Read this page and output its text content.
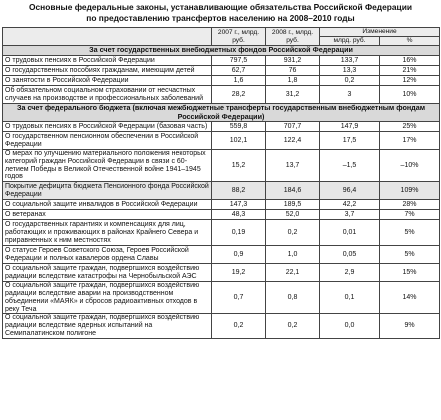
Основные федеральные законы, устанавливающие обязательства Российской Федерации
по предоставлению трансфертов населению на 2008–2010 годы
	2007 г., млрд. руб.	2008 г., млрд. руб.	Изменение	
			млрд. руб.	%
За счет государственных внебюджетных фондов Российской Федерации				
О трудовых пенсиях в Российской Федерации	797,5	931,2	133,7	16%
О государственных пособиях гражданам, имеющим детей	62,7	76	13,3	21%
О занятости в Российской Федерации	1,6	1,8	0,2	12%
Об обязательном социальном страховании от несчастных случаев на производстве и профессиональных заболеваний	28,2	31,2	3	10%
За счет федерального бюджета (включая межбюджетные трансферты государственным внебюджетным фондам Российской Федерации)				
О трудовых пенсиях в Российской Федерации (базовая часть)	559,8	707,7	147,9	25%
О государственном пенсионном обеспечении в Российской Федерации	102,1	122,4	17,5	17%
О мерах по улучшению материального положения некоторых категорий граждан Российской Федерации в связи с 60-летием Победы в Великой Отечественной войне 1941–1945 годов	15,2	13,7	–1,5	–10%
Покрытие дефицита бюджета Пенсионного фонда Российской Федерации	88,2	184,6	96,4	109%
О социальной защите инвалидов в Российской Федерации	147,3	189,5	42,2	28%
О ветеранах	48,3	52,0	3,7	7%
О государственных гарантиях и компенсациях для лиц, работающих и проживающих в районах Крайнего Севера и приравненных к ним местностях	0,19	0,2	0,01	5%
О статусе Героев Советского Союза, Героев Российской Федерации и полных кавалеров ордена Славы	0,9	1,0	0,05	5%
О социальной защите граждан, подвергшихся воздействию радиации вследствие катастрофы на Чернобыльской АЭС	19,2	22,1	2,9	15%
О социальной защите граждан, подвергшихся воздействию радиации вследствие аварии на производственном объединении «МАЯК» и сбросов радиоактивных отходов в реку Теча	0,7	0,8	0,1	14%
О социальной защите граждан, подвергшихся воздействию радиации вследствие ядерных испытаний на Семипалатинском полигоне	0,2	0,2	0,0	9%
